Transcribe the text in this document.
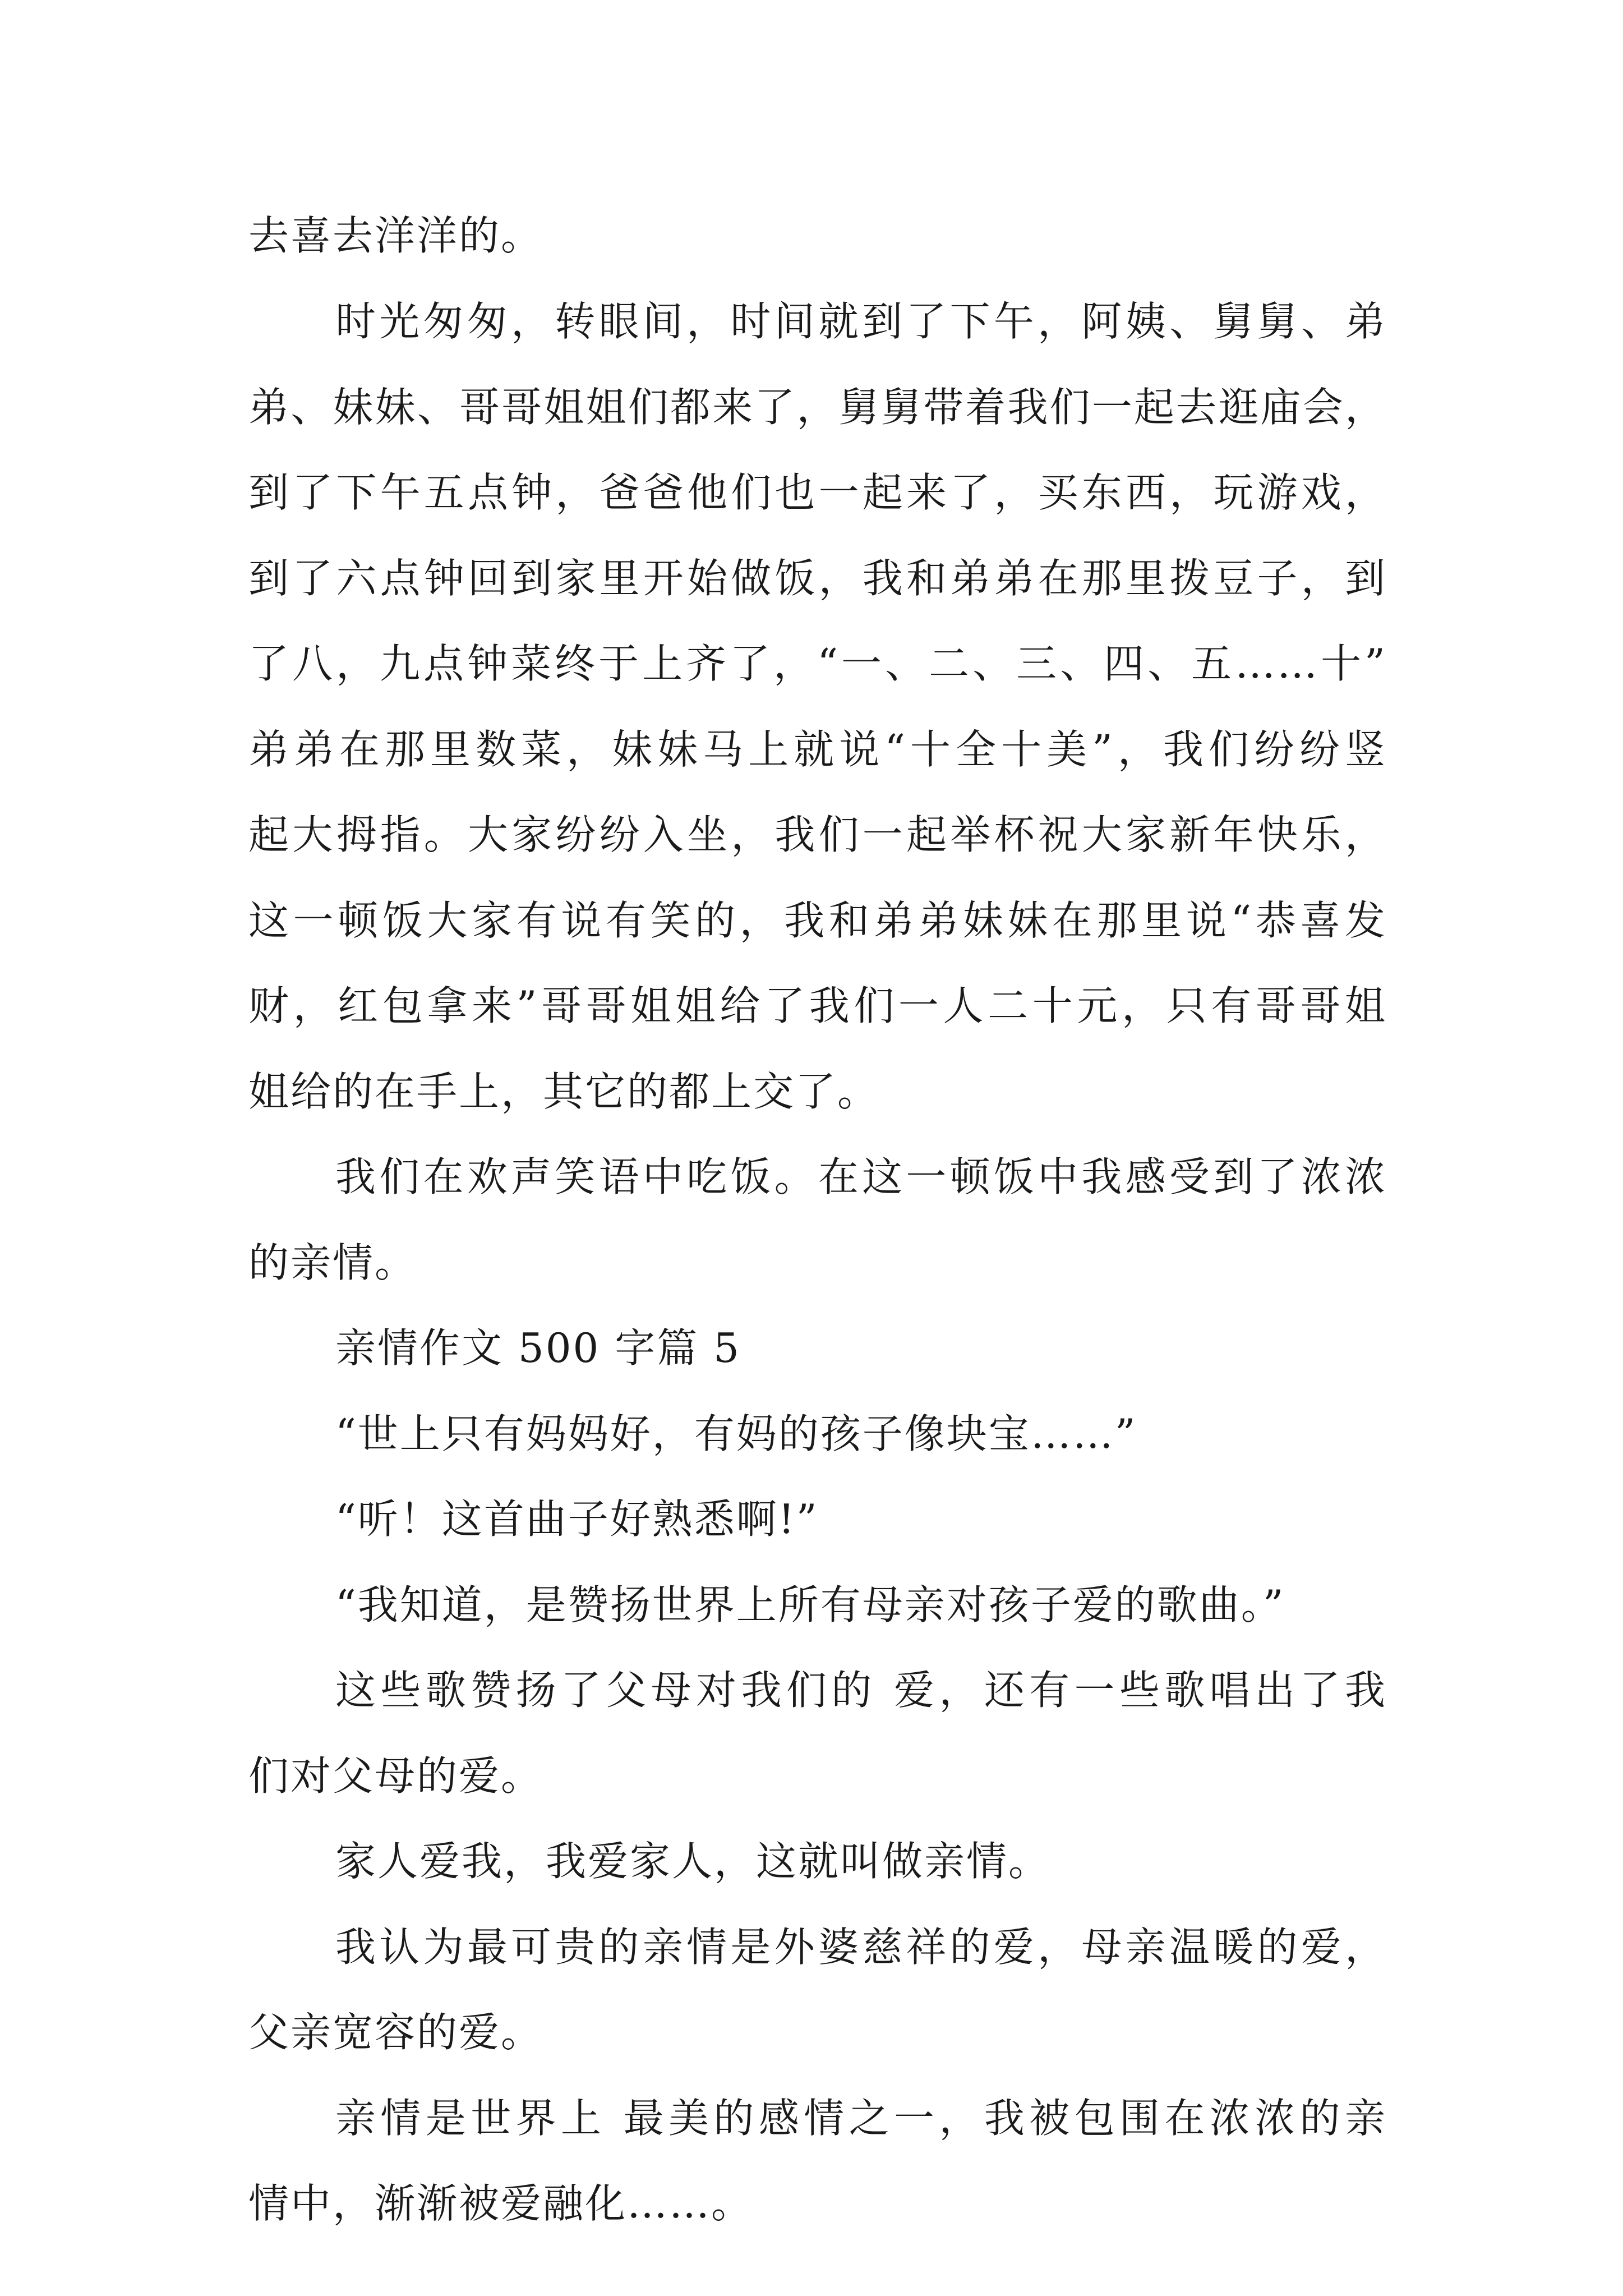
去喜去洋洋的。
时光匆匆，转眼间，时间就到了下午，阿姨、舅舅、弟
弟、妹妹、哥哥姐姐们都来了，舅舅带着我们一起去逛庙会，
到了下午五点钟，爸爸他们也一起来了，买东西，玩游戏，
到了六点钟回到家里开始做饭，我和弟弟在那里拨豆子，到
了八，九点钟菜终于上齐了，“一、二、三、四、五……十”
弟弟在那里数菜，妹妹马上就说“十全十美”，我们纷纷竖
起大拇指。大家纷纷入坐，我们一起举杯祝大家新年快乐，
这一顿饭大家有说有笑的，我和弟弟妹妹在那里说“恭喜发
财，红包拿来”哥哥姐姐给了我们一人二十元，只有哥哥姐
姐给的在手上，其它的都上交了。
我们在欢声笑语中吃饭。在这一顿饭中我感受到了浓浓
的亲情。
亲情作文 500 字篇 5
“世上只有妈妈好，有妈的孩子像块宝……”
“听！这首曲子好熟悉啊!”
“我知道，是赞扬世界上所有母亲对孩子爱的歌曲。”
这些歌赞扬了父母对我们的 爱，还有一些歌唱出了我
们对父母的爱。
家人爱我，我爱家人，这就叫做亲情。
我认为最可贵的亲情是外婆慈祥的爱，母亲温暖的爱，
父亲宽容的爱。
亲情是世界上 最美的感情之一，我被包围在浓浓的亲
情中，渐渐被爱融化……。
